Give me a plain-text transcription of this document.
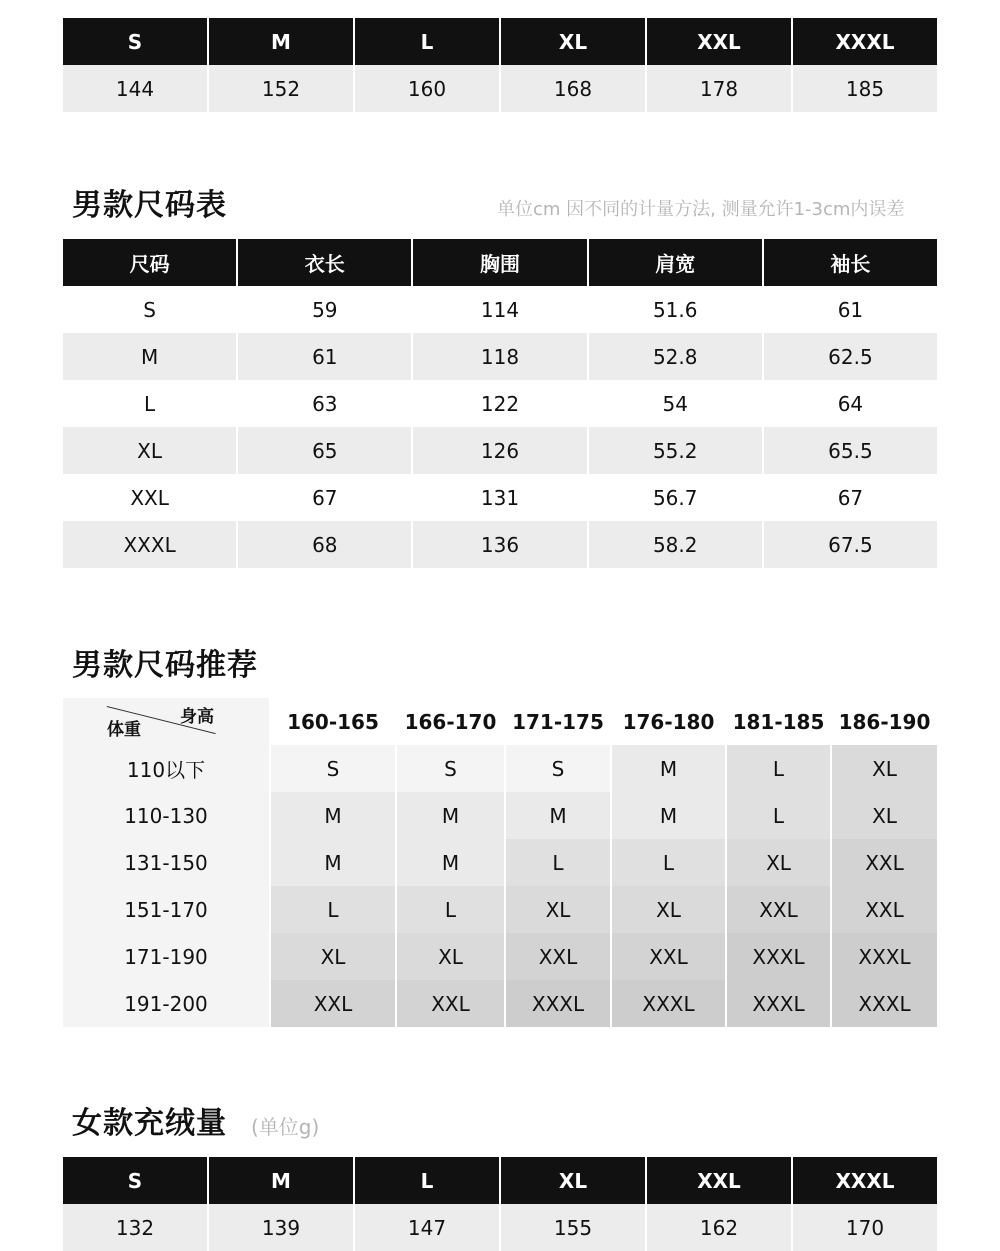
S	M	L	XL	XXL	XXXL
144	152	160	168	178	185
男款尺码表	单位cm 因不同的计量方法, 测量允许1-3cm内误差
尺码	衣长	胸围	肩宽	袖长
S	59	114	51.6	61
M	61	118	52.8	62.5
L	63	122	54	64
XL	65	126	55.2	65.5
XXL	67	131	56.7	67
XXXL	68	136	58.2	67.5
男款尺码推荐
身高
体重	160-165	166-170 171-175 176-180 181-185 186-190
110以下	S	S	S	M	L	XL
110-130	M	M	M	M	L	XL
131-150	M	M	L	L	XL	XXL
151-170	L	L	XL	XL	XXL	XXL
171-190	XL	XL	XXL	XXL	XXXL	XXXL
191-200	XXL	XXL	XXXL	XXXL	XXXL	XXXL
女款充绒量 (单位g)
S	M	L	XL	XXL	XXXL
132	139	147	155	162	170
